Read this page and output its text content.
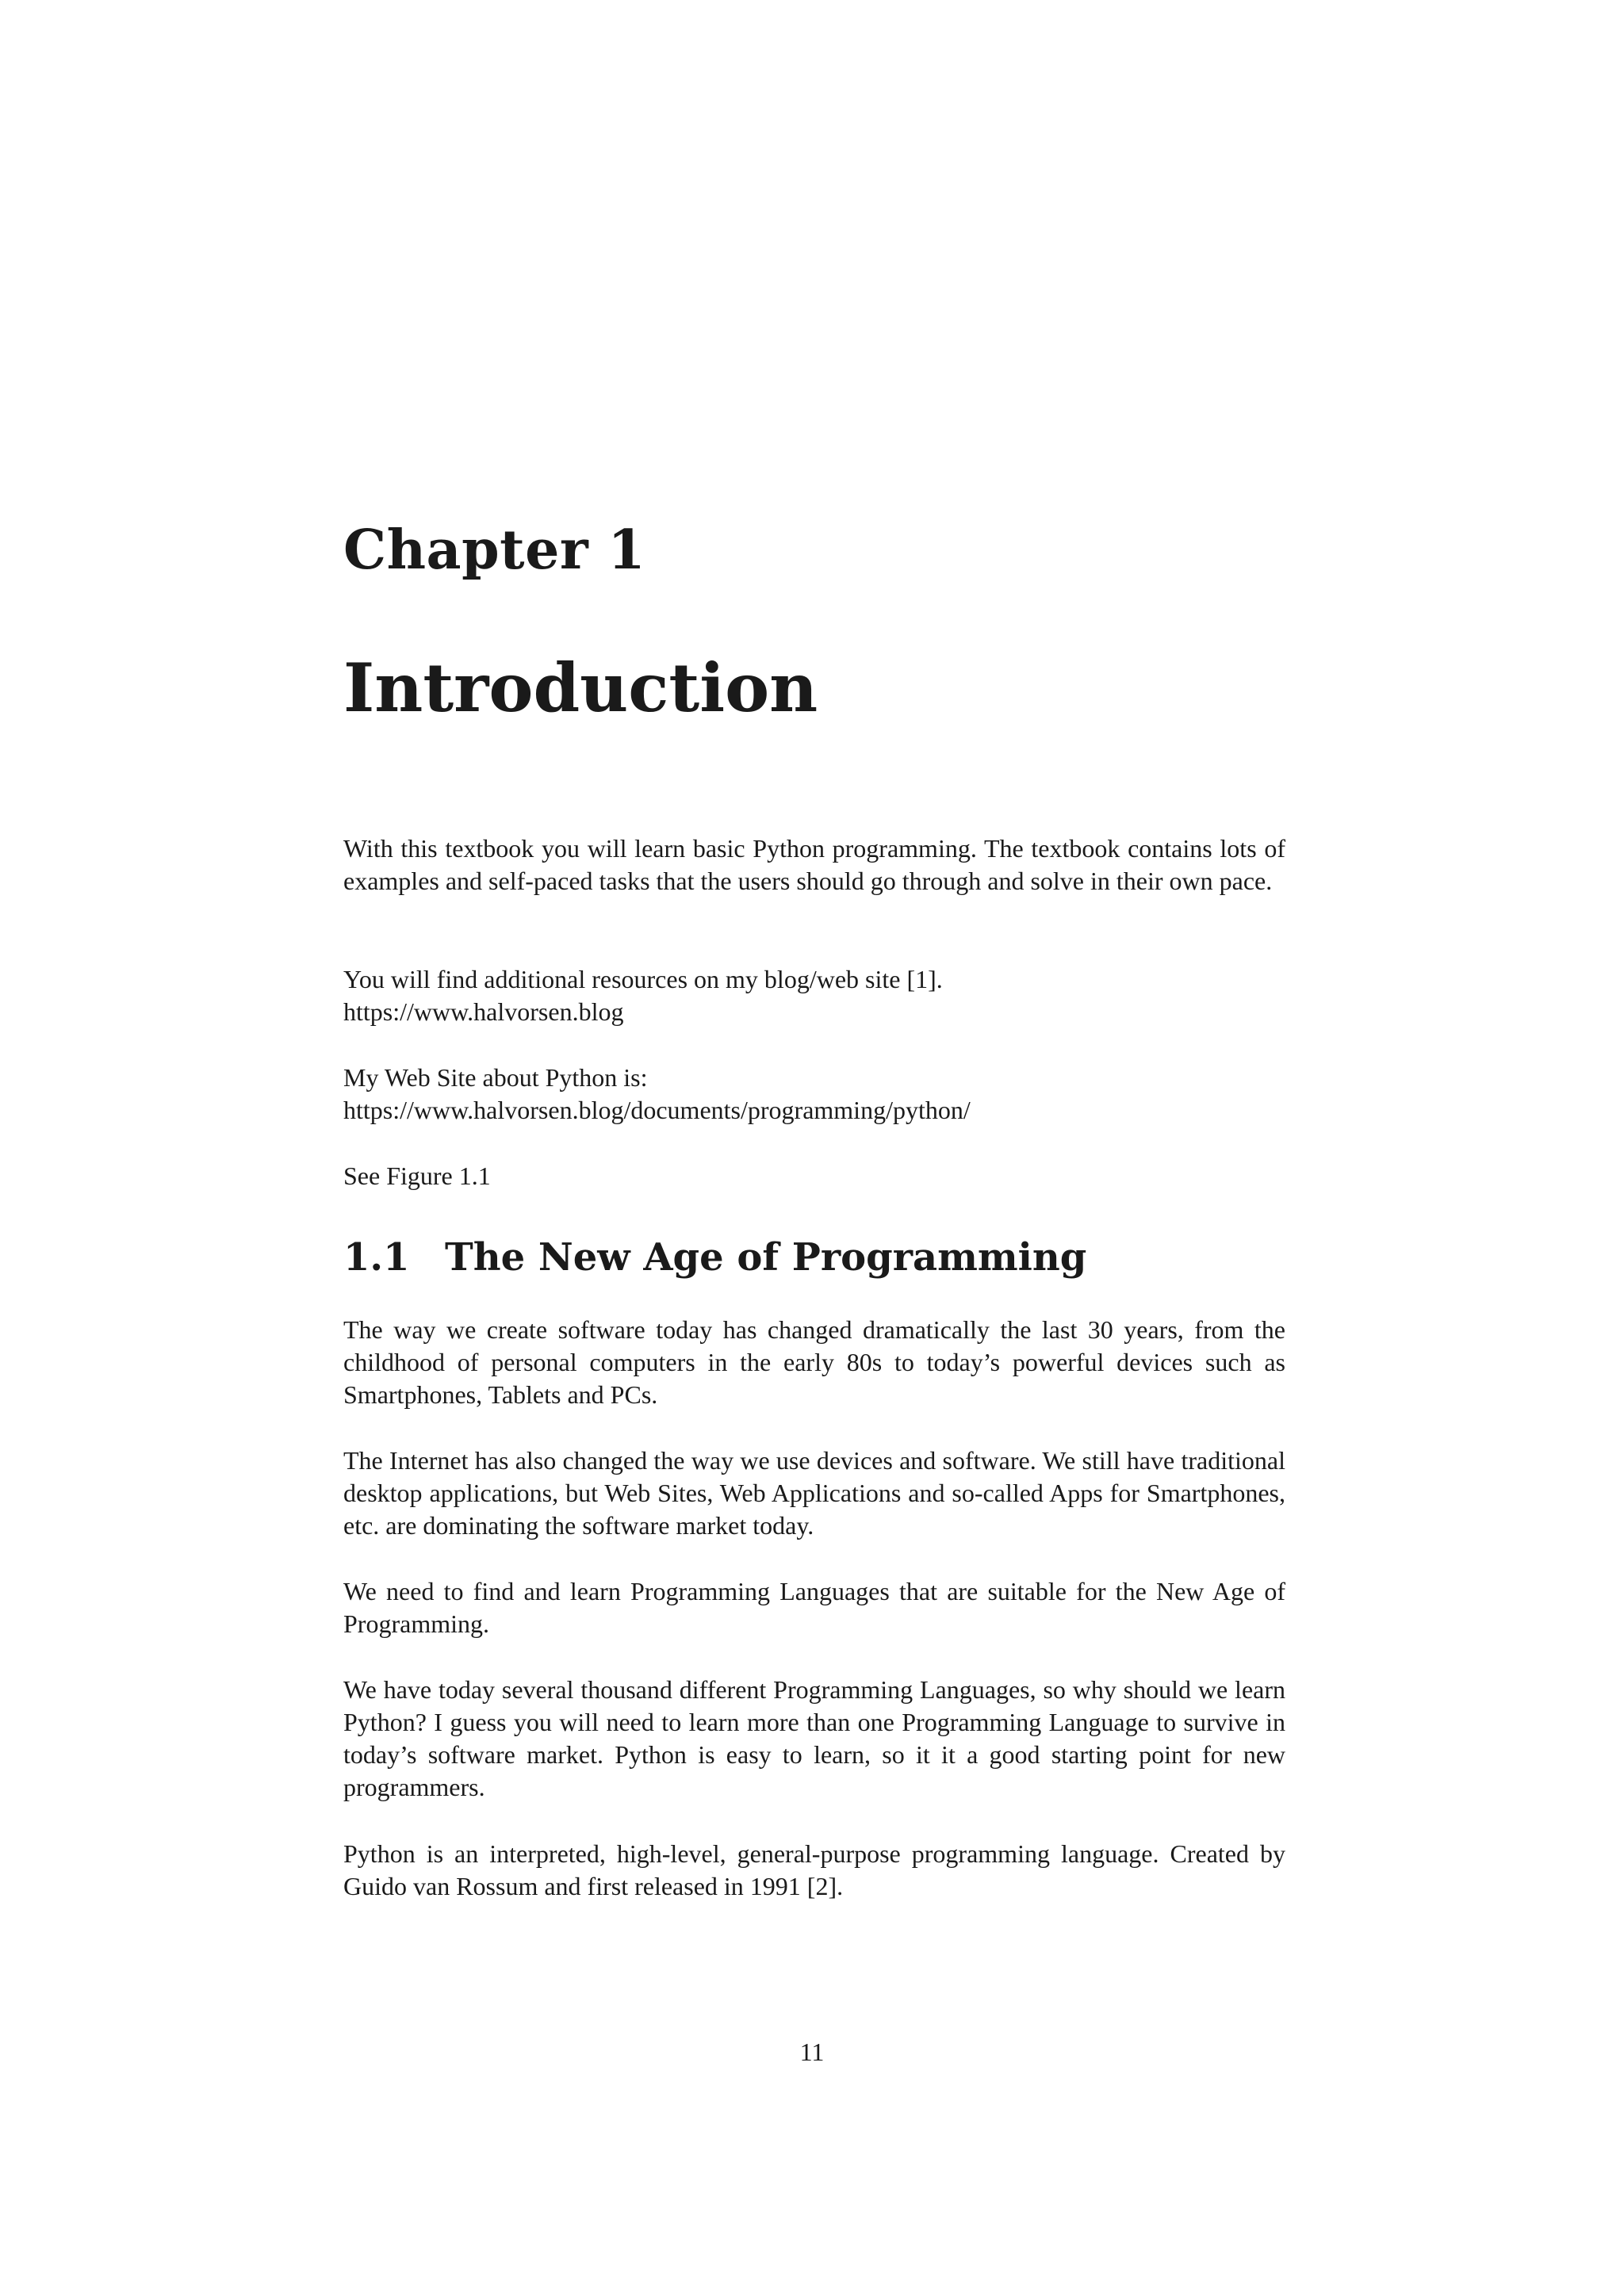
Chapter 1
Introduction

With this textbook you will learn basic Python programming. The textbook contains lots of examples and self-paced tasks that the users should go through and solve in their own pace.

You will find additional resources on my blog/web site [1].
https://www.halvorsen.blog

My Web Site about Python is:
https://www.halvorsen.blog/documents/programming/python/

See Figure 1.1

1.1 The New Age of Programming

The way we create software today has changed dramatically the last 30 years, from the childhood of personal computers in the early 80s to today’s powerful devices such as Smartphones, Tablets and PCs.

The Internet has also changed the way we use devices and software. We still have traditional desktop applications, but Web Sites, Web Applications and so-called Apps for Smartphones, etc. are dominating the software market today.

We need to find and learn Programming Languages that are suitable for the New Age of Programming.

We have today several thousand different Programming Languages, so why should we learn Python? I guess you will need to learn more than one Programming Language to survive in today’s software market. Python is easy to learn, so it it a good starting point for new programmers.

Python is an interpreted, high-level, general-purpose programming language. Created by Guido van Rossum and first released in 1991 [2].

11
